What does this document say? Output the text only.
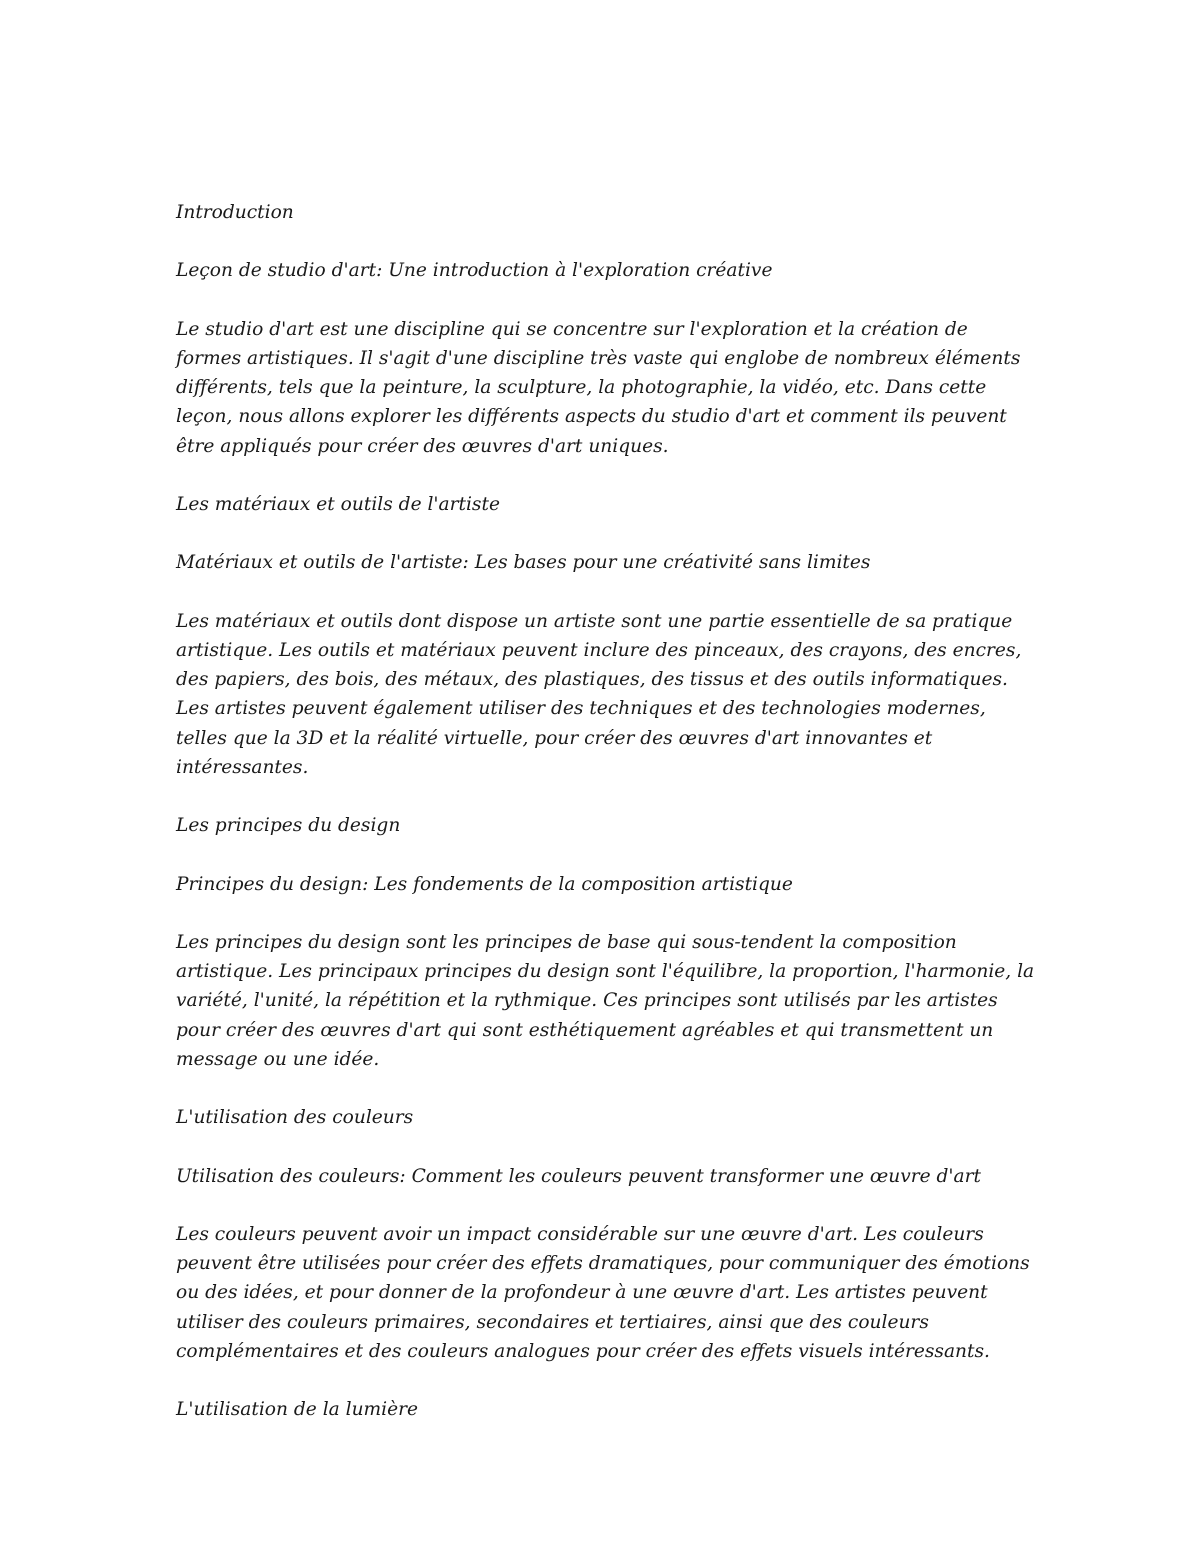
Introduction

Leçon de studio d'art: Une introduction à l'exploration créative

Le studio d'art est une discipline qui se concentre sur l'exploration et la création de formes artistiques. Il s'agit d'une discipline très vaste qui englobe de nombreux éléments différents, tels que la peinture, la sculpture, la photographie, la vidéo, etc. Dans cette leçon, nous allons explorer les différents aspects du studio d'art et comment ils peuvent être appliqués pour créer des œuvres d'art uniques.

Les matériaux et outils de l'artiste

Matériaux et outils de l'artiste: Les bases pour une créativité sans limites

Les matériaux et outils dont dispose un artiste sont une partie essentielle de sa pratique artistique. Les outils et matériaux peuvent inclure des pinceaux, des crayons, des encres, des papiers, des bois, des métaux, des plastiques, des tissus et des outils informatiques. Les artistes peuvent également utiliser des techniques et des technologies modernes, telles que la 3D et la réalité virtuelle, pour créer des œuvres d'art innovantes et intéressantes.

Les principes du design

Principes du design: Les fondements de la composition artistique

Les principes du design sont les principes de base qui sous-tendent la composition artistique. Les principaux principes du design sont l'équilibre, la proportion, l'harmonie, la variété, l'unité, la répétition et la rythmique. Ces principes sont utilisés par les artistes pour créer des œuvres d'art qui sont esthétiquement agréables et qui transmettent un message ou une idée.

L'utilisation des couleurs

Utilisation des couleurs: Comment les couleurs peuvent transformer une œuvre d'art

Les couleurs peuvent avoir un impact considérable sur une œuvre d'art. Les couleurs peuvent être utilisées pour créer des effets dramatiques, pour communiquer des émotions ou des idées, et pour donner de la profondeur à une œuvre d'art. Les artistes peuvent utiliser des couleurs primaires, secondaires et tertiaires, ainsi que des couleurs complémentaires et des couleurs analogues pour créer des effets visuels intéressants.

L'utilisation de la lumière
